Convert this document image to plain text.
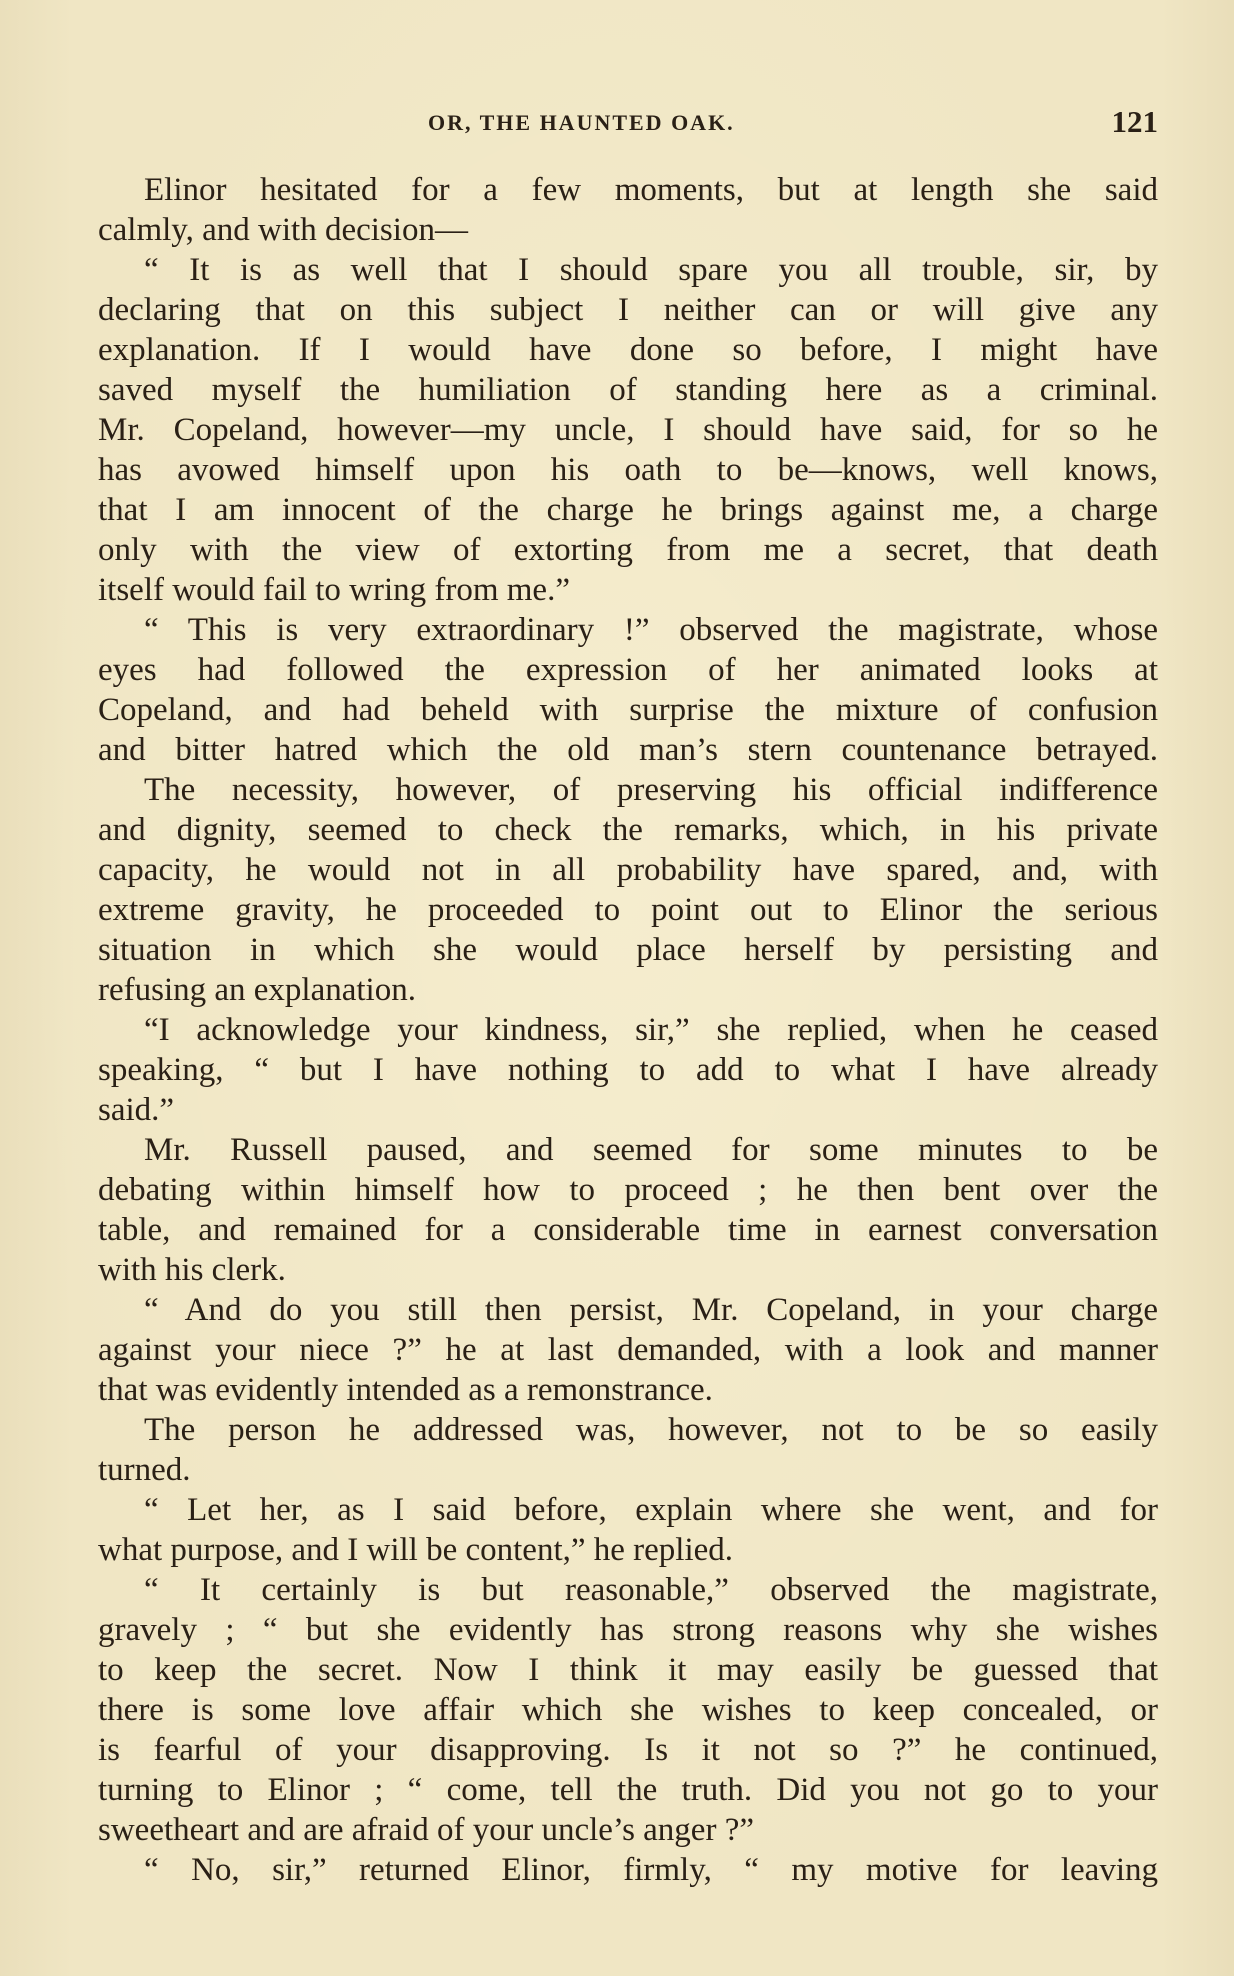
OR, THE HAUNTED OAK.	121
Elinor hesitated for a few moments, but at length she said
calmly, and with decision—
“ It is as well that I should spare you all trouble, sir, by
declaring that on this subject I neither can or will give any
explanation. If I would have done so before, I might have
saved myself the humiliation of standing here as a criminal.
Mr. Copeland, however—my uncle, I should have said, for so he
has avowed himself upon his oath to be—knows, well knows,
that I am innocent of the charge he brings against me, a charge
only with the view of extorting from me a secret, that death
itself would fail to wring from me.”
“ This is very extraordinary !” observed the magistrate, whose
eyes had followed the expression of her animated looks at
Copeland, and had beheld with surprise the mixture of confusion
and bitter hatred which the old man’s stern countenance betrayed.
The necessity, however, of preserving his official indifference
and dignity, seemed to check the remarks, which, in his private
capacity, he would not in all probability have spared, and, with
extreme gravity, he proceeded to point out to Elinor the serious
situation in which she would place herself by persisting and
refusing an explanation.
“I acknowledge your kindness, sir,” she replied, when he ceased
speaking, “ but I have nothing to add to what I have already
said.”
Mr. Russell paused, and seemed for some minutes to be
debating within himself how to proceed ; he then bent over the
table, and remained for a considerable time in earnest conversation
with his clerk.
“ And do you still then persist, Mr. Copeland, in your charge
against your niece ?” he at last demanded, with a look and manner
that was evidently intended as a remonstrance.
The person he addressed was, however, not to be so easily
turned.
“ Let her, as I said before, explain where she went, and for
what purpose, and I will be content,” he replied.
“ It certainly is but reasonable,” observed the magistrate,
gravely ; “ but she evidently has strong reasons why she wishes
to keep the secret. Now I think it may easily be guessed that
there is some love affair which she wishes to keep concealed, or
is fearful of your disapproving. Is it not so ?” he continued,
turning to Elinor ; “ come, tell the truth. Did you not go to your
sweetheart and are afraid of your uncle’s anger ?”
“ No, sir,” returned Elinor, firmly, “ my motive for leaving
